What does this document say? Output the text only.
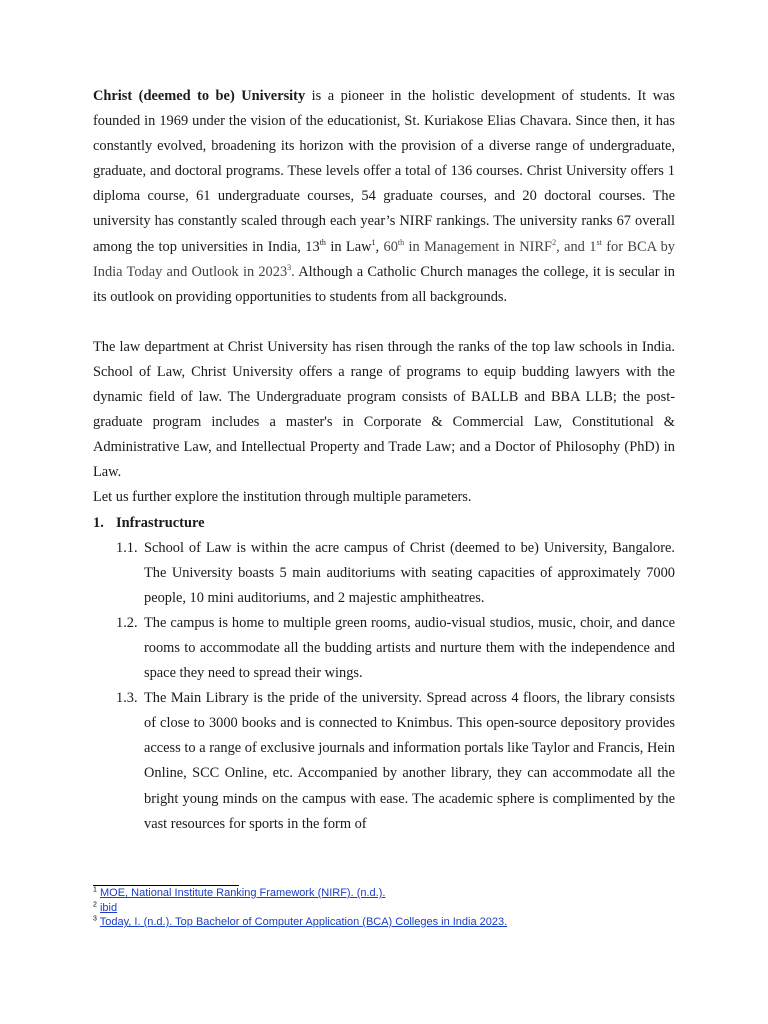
Christ (deemed to be) University is a pioneer in the holistic development of students. It was founded in 1969 under the vision of the educationist, St. Kuriakose Elias Chavara. Since then, it has constantly evolved, broadening its horizon with the provision of a diverse range of undergraduate, graduate, and doctoral programs. These levels offer a total of 136 courses. Christ University offers 1 diploma course, 61 undergraduate courses, 54 graduate courses, and 20 doctoral courses. The university has constantly scaled through each year’s NIRF rankings. The university ranks 67 overall among the top universities in India, 13th in Law$^1$, 60th in Management in NIRF$^2$, and 1st for BCA by India Today and Outlook in 2023$^3$. Although a Catholic Church manages the college, it is secular in its outlook on providing opportunities to students from all backgrounds.

The law department at Christ University has risen through the ranks of the top law schools in India. School of Law, Christ University offers a range of programs to equip budding lawyers with the dynamic field of law. The Undergraduate program consists of BALLB and BBA LLB; the post-graduate program includes a master's in Corporate & Commercial Law, Constitutional & Administrative Law, and Intellectual Property and Trade Law; and a Doctor of Philosophy (PhD) in Law.

Let us further explore the institution through multiple parameters.

1. Infrastructure

1.1. School of Law is within the acre campus of Christ (deemed to be) University, Bangalore. The University boasts 5 main auditoriums with seating capacities of approximately 7000 people, 10 mini auditoriums, and 2 majestic amphitheatres.

1.2. The campus is home to multiple green rooms, audio-visual studios, music, choir, and dance rooms to accommodate all the budding artists and nurture them with the independence and space they need to spread their wings.

1.3. The Main Library is the pride of the university. Spread across 4 floors, the library consists of close to 3000 books and is connected to Knimbus. This open-source depository provides access to a range of exclusive journals and information portals like Taylor and Francis, Hein Online, SCC Online, etc. Accompanied by another library, they can accommodate all the bright young minds on the campus with ease. The academic sphere is complimented by the vast resources for sports in the form of

$^1$ MOE, National Institute Ranking Framework (NIRF). (n.d.).
$^2$ ibid
$^3$ Today, I. (n.d.). Top Bachelor of Computer Application (BCA) Colleges in India 2023.
